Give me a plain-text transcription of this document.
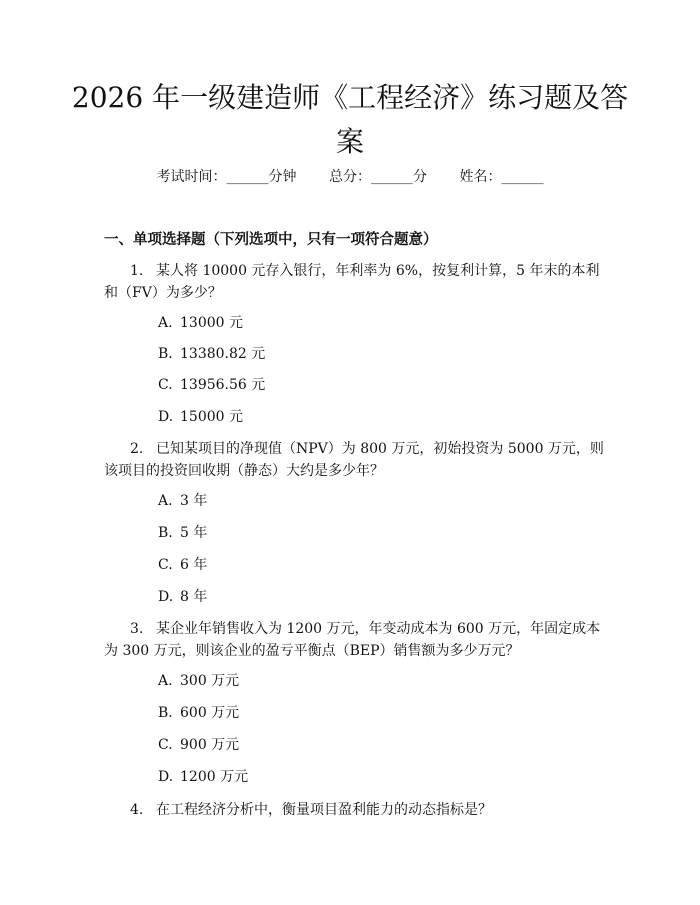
2026 年一级建造师《工程经济》练习题及答
案
考试时间：______分钟 总分：______分 姓名：______
一、单项选择题（下列选项中，只有一项符合题意）
1. 某人将 10000 元存入银行，年利率为 6%，按复利计算，5 年末的本利和（FV）为多少？
A. 13000 元
B. 13380.82 元
C. 13956.56 元
D. 15000 元
2. 已知某项目的净现值（NPV）为 800 万元，初始投资为 5000 万元，则该项目的投资回收期（静态）大约是多少年？
A. 3 年
B. 5 年
C. 6 年
D. 8 年
3. 某企业年销售收入为 1200 万元，年变动成本为 600 万元，年固定成本为 300 万元，则该企业的盈亏平衡点（BEP）销售额为多少万元？
A. 300 万元
B. 600 万元
C. 900 万元
D. 1200 万元
4. 在工程经济分析中，衡量项目盈利能力的动态指标是？
